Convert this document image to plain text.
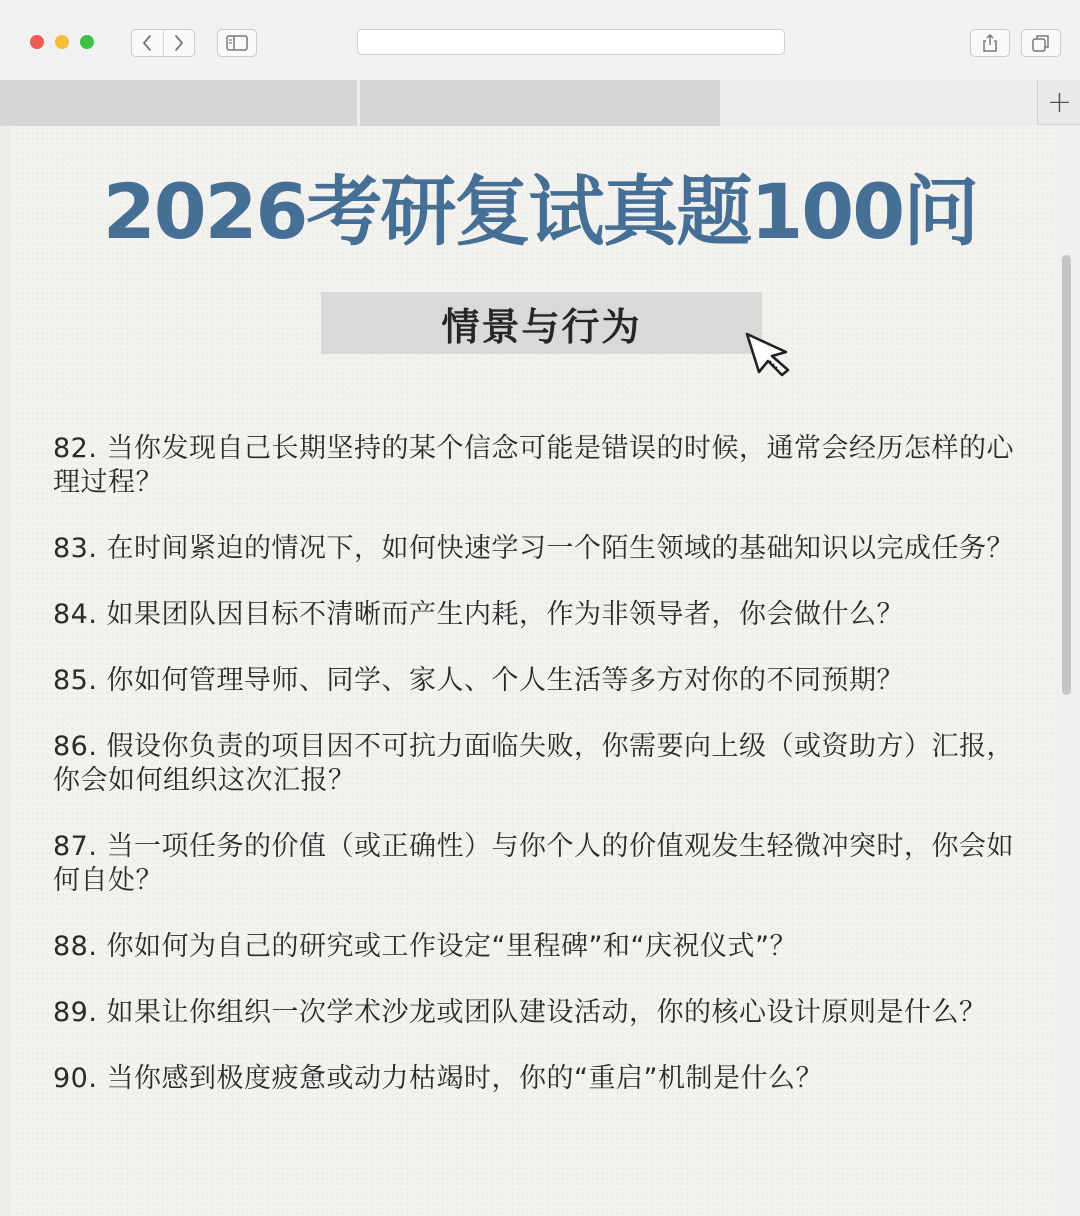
+
2026考研复试真题100问
情景与行为
82. 当你发现自己长期坚持的某个信念可能是错误的时候，通常会经历怎样的心理过程？
83. 在时间紧迫的情况下，如何快速学习一个陌生领域的基础知识以完成任务？
84. 如果团队因目标不清晰而产生内耗，作为非领导者，你会做什么？
85. 你如何管理导师、同学、家人、个人生活等多方对你的不同预期？
86. 假设你负责的项目因不可抗力面临失败，你需要向上级（或资助方）汇报，你会如何组织这次汇报？
87. 当一项任务的价值（或正确性）与你个人的价值观发生轻微冲突时，你会如何自处？
88. 你如何为自己的研究或工作设定“里程碑”和“庆祝仪式”？
89. 如果让你组织一次学术沙龙或团队建设活动，你的核心设计原则是什么？
90. 当你感到极度疲惫或动力枯竭时，你的“重启”机制是什么？
